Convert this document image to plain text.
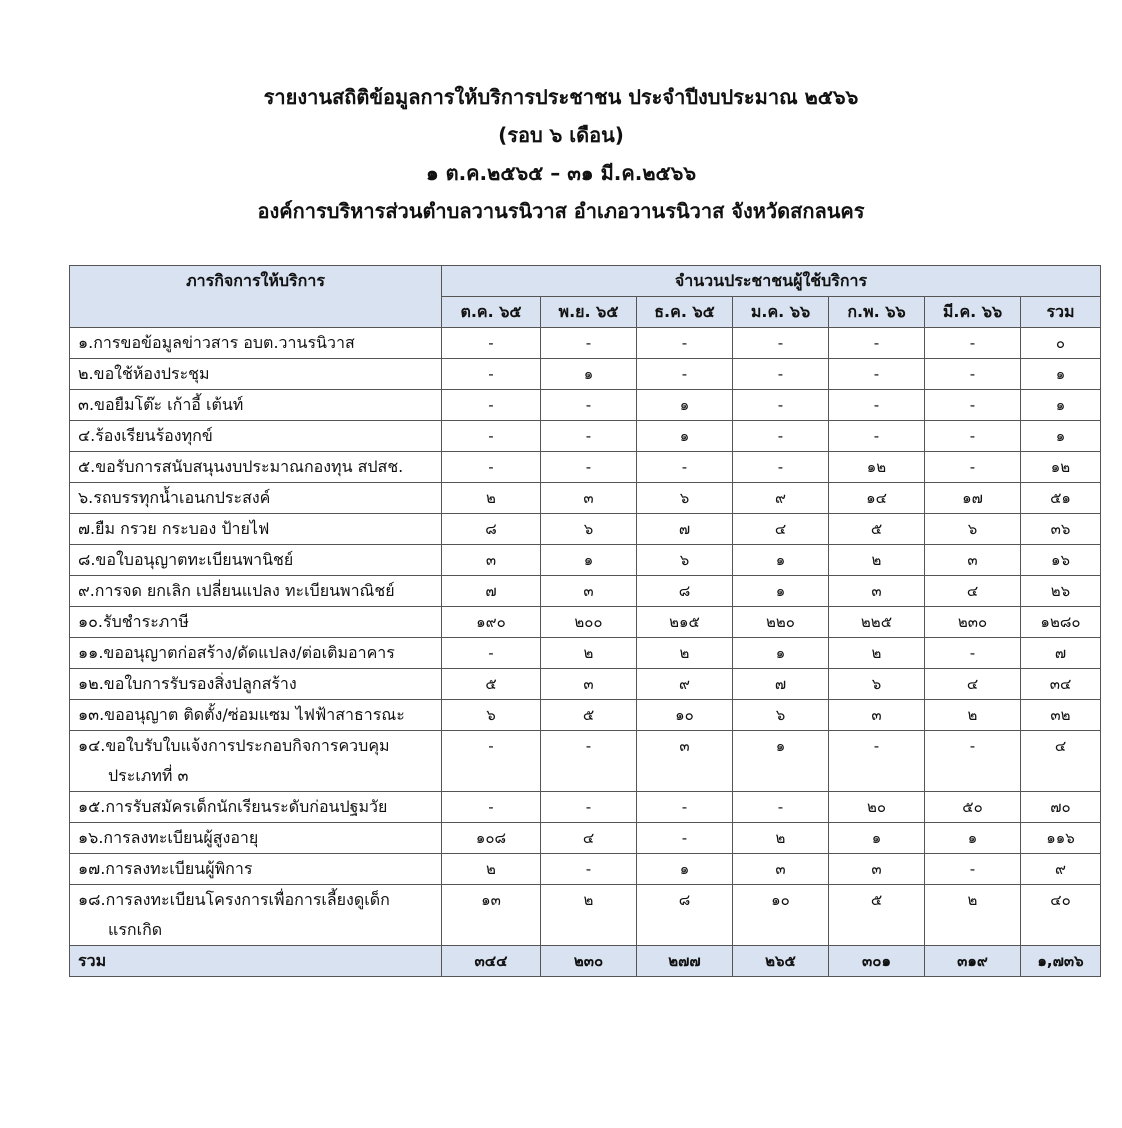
รายงานสถิติข้อมูลการให้บริการประชาชน ประจำปีงบประมาณ ๒๕๖๖
(รอบ ๖ เดือน)
๑ ต.ค.๒๕๖๕ – ๓๑ มี.ค.๒๕๖๖
องค์การบริหารส่วนตำบลวานรนิวาส อำเภอวานรนิวาส จังหวัดสกลนคร
ภารกิจการให้บริการ	จำนวนประชาชนผู้ใช้บริการ						
	ต.ค. ๖๕	พ.ย. ๖๕	ธ.ค. ๖๕	ม.ค. ๖๖	ก.พ. ๖๖	มี.ค. ๖๖	รวม
๑.การขอข้อมูลข่าวสาร อบต.วานรนิวาส	-	-	-	-	-	-	๐
๒.ขอใช้ห้องประชุม	-	๑	-	-	-	-	๑
๓.ขอยืมโต๊ะ เก้าอี้ เต้นท์	-	-	๑	-	-	-	๑
๔.ร้องเรียนร้องทุกข์	-	-	๑	-	-	-	๑
๕.ขอรับการสนับสนุนงบประมาณกองทุน สปสช.	-	-	-	-	๑๒	-	๑๒
๖.รถบรรทุกน้ำเอนกประสงค์	๒	๓	๖	๙	๑๔	๑๗	๕๑
๗.ยืม กรวย กระบอง ป้ายไฟ	๘	๖	๗	๔	๕	๖	๓๖
๘.ขอใบอนุญาตทะเบียนพานิชย์	๓	๑	๖	๑	๒	๓	๑๖
๙.การจด ยกเลิก เปลี่ยนแปลง ทะเบียนพาณิชย์	๗	๓	๘	๑	๓	๔	๒๖
๑๐.รับชำระภาษี	๑๙๐	๒๐๐	๒๑๕	๒๒๐	๒๒๕	๒๓๐	๑๒๘๐
๑๑.ขออนุญาตก่อสร้าง/ดัดแปลง/ต่อเติมอาคาร	-	๒	๒	๑	๒	-	๗
๑๒.ขอใบการรับรองสิ่งปลูกสร้าง	๕	๓	๙	๗	๖	๔	๓๔
๑๓.ขออนุญาต ติดตั้ง/ซ่อมแซม ไฟฟ้าสาธารณะ	๖	๕	๑๐	๖	๓	๒	๓๒
๑๔.ขอใบรับใบแจ้งการประกอบกิจการควบคุม
ประเภทที่ ๓	-	-	๓	๑	-	-	๔
๑๕.การรับสมัครเด็กนักเรียนระดับก่อนปฐมวัย	-	-	-	-	๒๐	๕๐	๗๐
๑๖.การลงทะเบียนผู้สูงอายุ	๑๐๘	๔	-	๒	๑	๑	๑๑๖
๑๗.การลงทะเบียนผู้พิการ	๒	-	๑	๓	๓	-	๙
๑๘.การลงทะเบียนโครงการเพื่อการเลี้ยงดูเด็ก
แรกเกิด	๑๓	๒	๘	๑๐	๕	๒	๔๐
รวม	๓๔๔	๒๓๐	๒๗๗	๒๖๕	๓๐๑	๓๑๙	๑,๗๓๖
